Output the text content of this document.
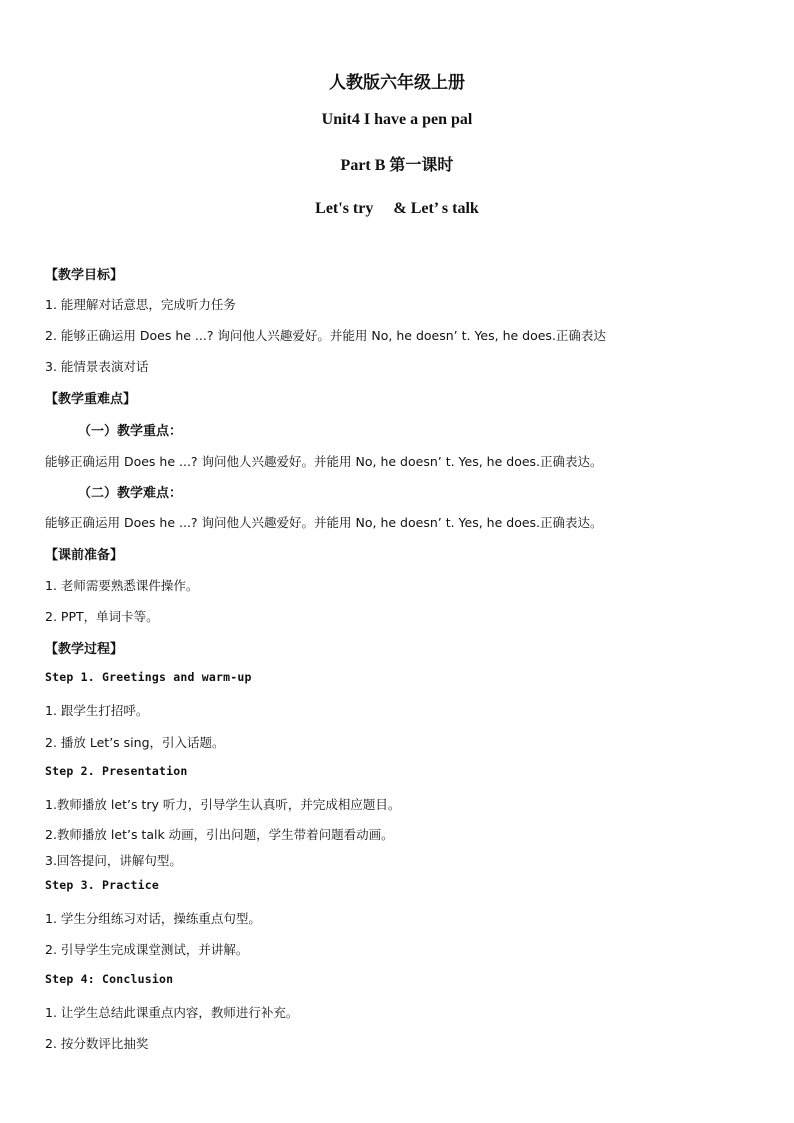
人教版六年级上册

Unit4 I have a pen pal

Part B 第一课时

Let's try　 & Let’ s talk

【教学目标】

1. 能理解对话意思，完成听力任务

2. 能够正确运用 Does he ...? 询问他人兴趣爱好。并能用 No, he doesn’ t. Yes, he does.正确表达

3. 能情景表演对话

【教学重难点】

（一）教学重点：

能够正确运用 Does he ...? 询问他人兴趣爱好。并能用 No, he doesn’ t. Yes, he does.正确表达。

（二）教学难点：

能够正确运用 Does he ...? 询问他人兴趣爱好。并能用 No, he doesn’ t. Yes, he does.正确表达。

【课前准备】

1. 老师需要熟悉课件操作。

2. PPT，单词卡等。

【教学过程】

Step 1. Greetings and warm-up

1. 跟学生打招呼。

2. 播放 Let’s sing，引入话题。

Step 2. Presentation

1.教师播放 let’s try 听力，引导学生认真听，并完成相应题目。

2.教师播放 let’s talk 动画，引出问题，学生带着问题看动画。

3.回答提问，讲解句型。

Step 3. Practice

1. 学生分组练习对话，操练重点句型。

2. 引导学生完成课堂测试，并讲解。

Step 4: Conclusion

1. 让学生总结此课重点内容，教师进行补充。

2. 按分数评比抽奖
